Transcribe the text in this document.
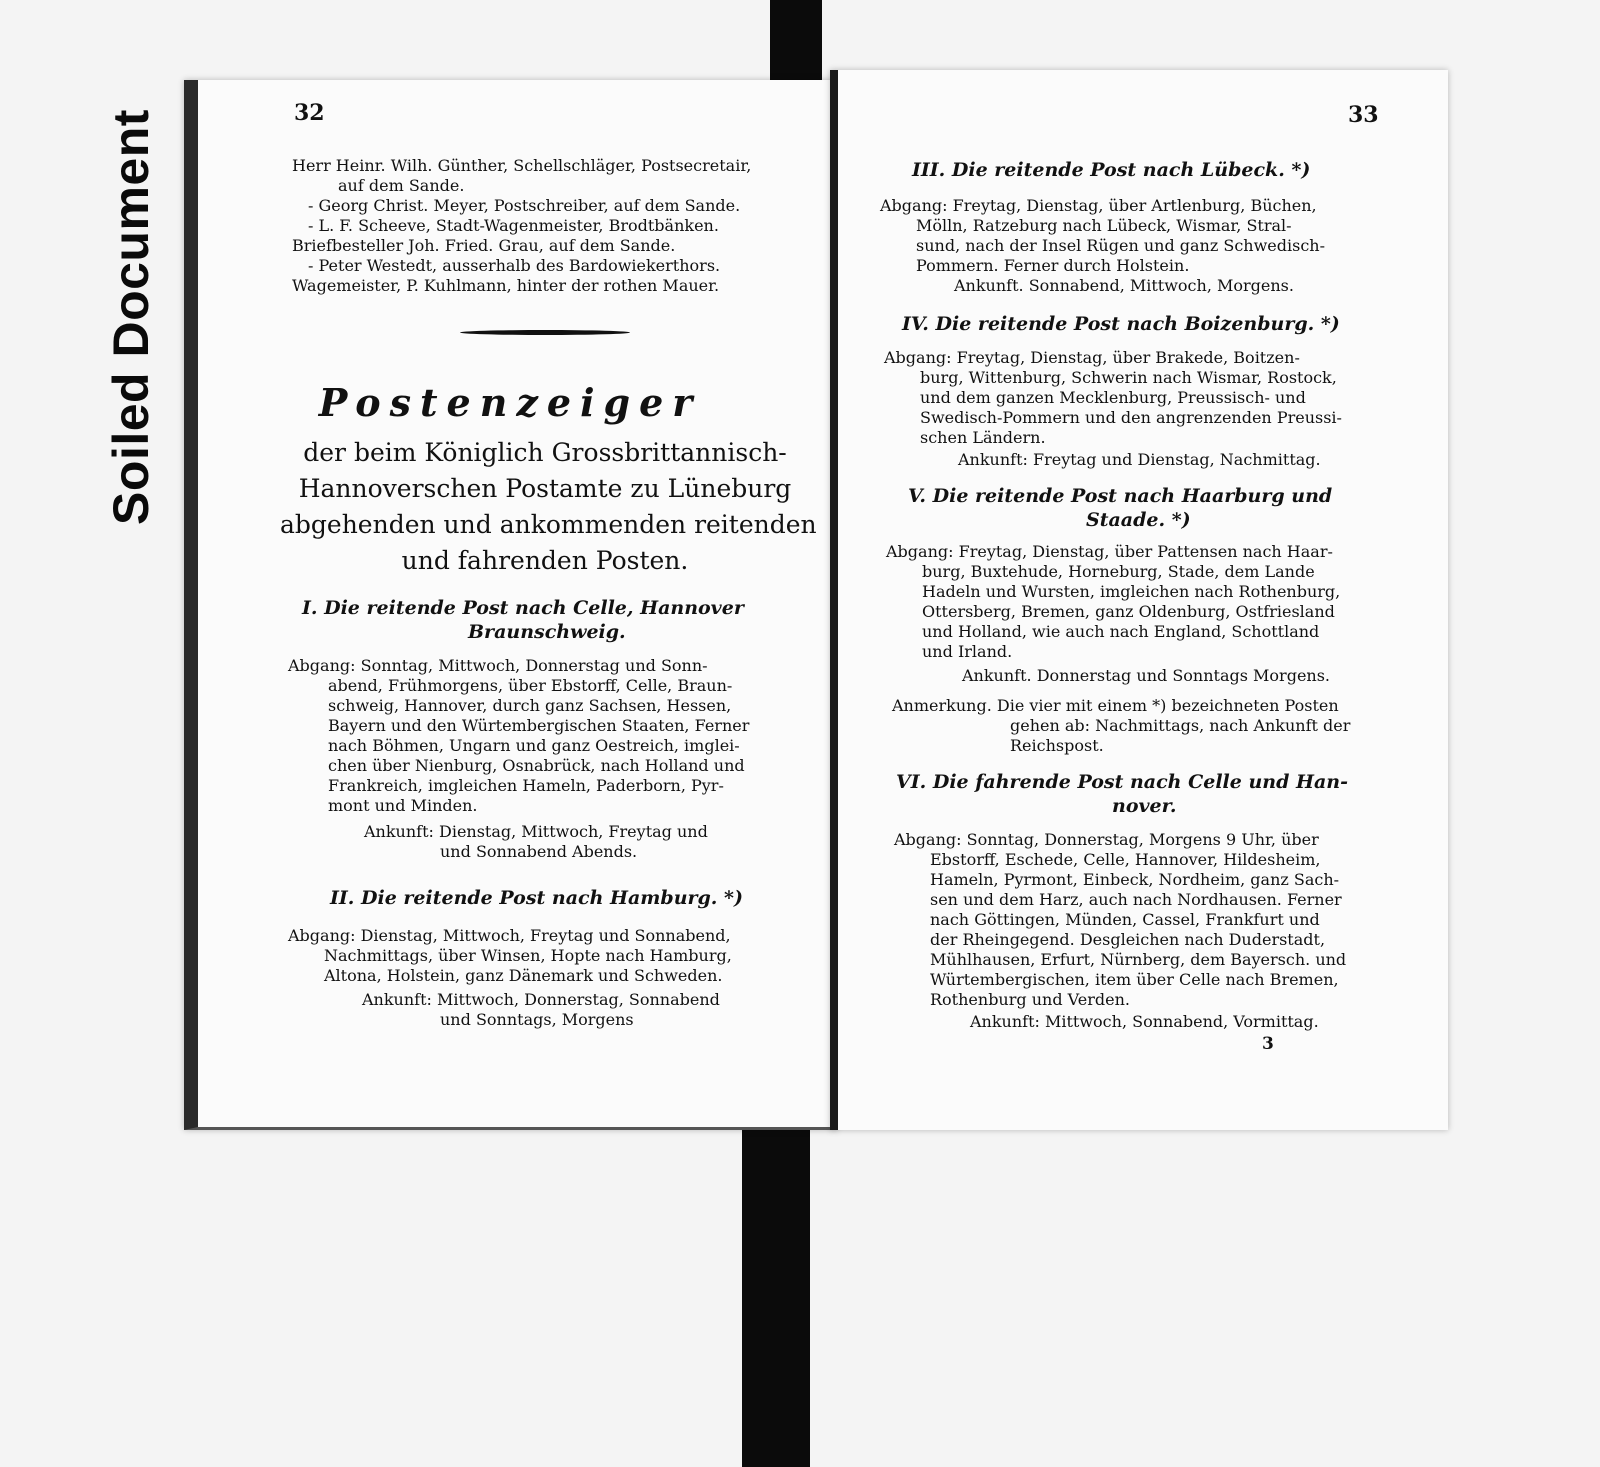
Soiled Document	32
Herr Heinr. Wilh. Günther, Schellschläger, Postsecretair,
auf dem Sande.
- Georg Christ. Meyer, Postschreiber, auf dem Sande.
- L. F. Scheeve, Stadt-Wagenmeister, Brodtbänken.
Briefbesteller Joh. Fried. Grau, auf dem Sande.
- Peter Westedt, ausserhalb des Bardowiekerthors.
Wagemeister, P. Kuhlmann, hinter der rothen Mauer.
Postenzeiger
der beim Königlich Grossbrittannisch-
Hannoverschen Postamte zu Lüneburg
abgehenden und ankommenden reitenden
und fahrenden Posten.
I. Die reitende Post nach Celle, Hannover
Braunschweig.
Abgang: Sonntag, Mittwoch, Donnerstag und Sonn-
abend, Frühmorgens, über Ebstorff, Celle, Braun-
schweig, Hannover, durch ganz Sachsen, Hessen,
Bayern und den Würtembergischen Staaten, Ferner
nach Böhmen, Ungarn und ganz Oestreich, imglei-
chen über Nienburg, Osnabrück, nach Holland und
Frankreich, imgleichen Hameln, Paderborn, Pyr-
mont und Minden.
Ankunft: Dienstag, Mittwoch, Freytag und
und Sonnabend Abends.
II. Die reitende Post nach Hamburg. *)
Abgang: Dienstag, Mittwoch, Freytag und Sonnabend,
Nachmittags, über Winsen, Hopte nach Hamburg,
Altona, Holstein, ganz Dänemark und Schweden.
Ankunft: Mittwoch, Donnerstag, Sonnabend
und Sonntags, Morgens
33
III. Die reitende Post nach Lübeck. *)
Abgang: Freytag, Dienstag, über Artlenburg, Büchen,
Mölln, Ratzeburg nach Lübeck, Wismar, Stral-
sund, nach der Insel Rügen und ganz Schwedisch-
Pommern. Ferner durch Holstein.
Ankunft. Sonnabend, Mittwoch, Morgens.
IV. Die reitende Post nach Boizenburg. *)
Abgang: Freytag, Dienstag, über Brakede, Boitzen-
burg, Wittenburg, Schwerin nach Wismar, Rostock,
und dem ganzen Mecklenburg, Preussisch- und
Swedisch-Pommern und den angrenzenden Preussi-
schen Ländern.
Ankunft: Freytag und Dienstag, Nachmittag.
V. Die reitende Post nach Haarburg und
Staade. *)
Abgang: Freytag, Dienstag, über Pattensen nach Haar-
burg, Buxtehude, Horneburg, Stade, dem Lande
Hadeln und Wursten, imgleichen nach Rothenburg,
Ottersberg, Bremen, ganz Oldenburg, Ostfriesland
und Holland, wie auch nach England, Schottland
und Irland.
Ankunft. Donnerstag und Sonntags Morgens.
Anmerkung. Die vier mit einem *) bezeichneten Posten
gehen ab: Nachmittags, nach Ankunft der
Reichspost.
VI. Die fahrende Post nach Celle und Han-
nover.
Abgang: Sonntag, Donnerstag, Morgens 9 Uhr, über
Ebstorff, Eschede, Celle, Hannover, Hildesheim,
Hameln, Pyrmont, Einbeck, Nordheim, ganz Sach-
sen und dem Harz, auch nach Nordhausen. Ferner
nach Göttingen, Münden, Cassel, Frankfurt und
der Rheingegend. Desgleichen nach Duderstadt,
Mühlhausen, Erfurt, Nürnberg, dem Bayersch. und
Würtembergischen, item über Celle nach Bremen,
Rothenburg und Verden.
Ankunft: Mittwoch, Sonnabend, Vormittag.
3
